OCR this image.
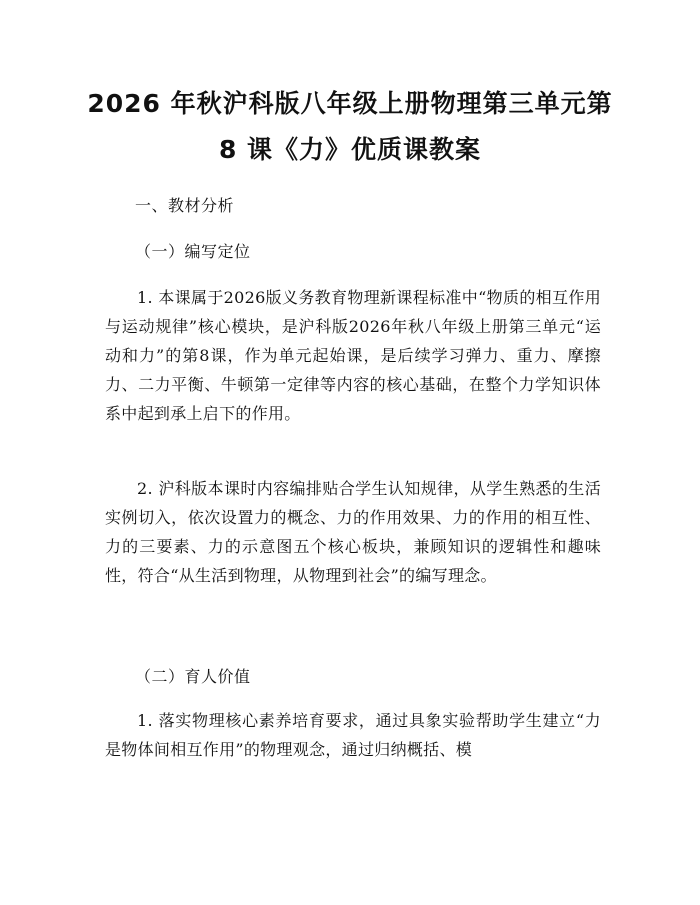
2026 年秋沪科版八年级上册物理第三单元第
8 课《力》优质课教案
一、教材分析
（一）编写定位
1. 本课属于2026版义务教育物理新课程标准中“物质的相互作用与运动规律”核心模块，是沪科版2026年秋八年级上册第三单元“运动和力”的第8课，作为单元起始课，是后续学习弹力、重力、摩擦力、二力平衡、牛顿第一定律等内容的核心基础，在整个力学知识体系中起到承上启下的作用。
2. 沪科版本课时内容编排贴合学生认知规律，从学生熟悉的生活实例切入，依次设置力的概念、力的作用效果、力的作用的相互性、力的三要素、力的示意图五个核心板块，兼顾知识的逻辑性和趣味性，符合“从生活到物理，从物理到社会”的编写理念。
（二）育人价值
1. 落实物理核心素养培育要求，通过具象实验帮助学生建立“力是物体间相互作用”的物理观念，通过归纳概括、模
